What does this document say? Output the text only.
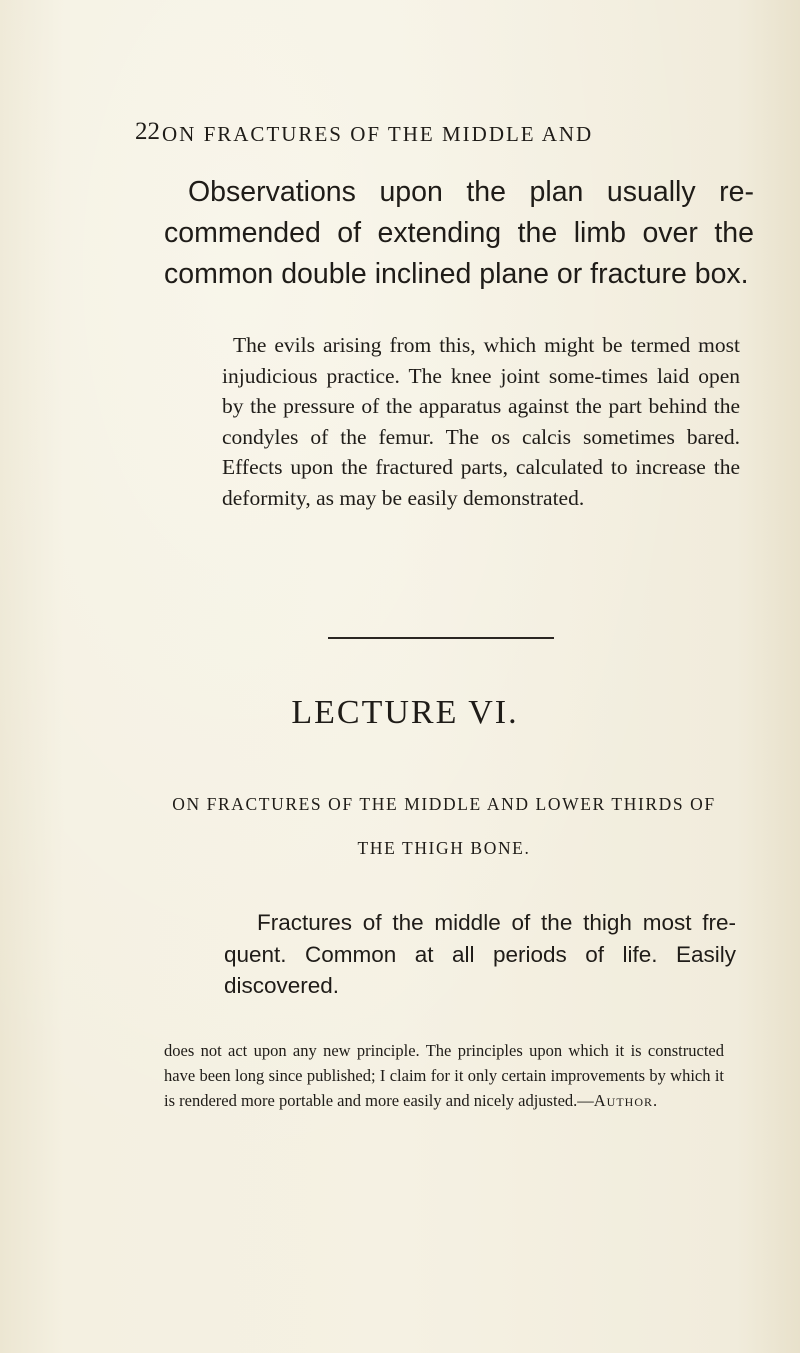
22 ON FRACTURES OF THE MIDDLE AND
Observations upon the plan usually re-commended of extending the limb over the common double inclined plane or fracture box.
The evils arising from this, which might be termed most injudicious practice. The knee joint some-times laid open by the pressure of the apparatus against the part behind the condyles of the femur. The os calcis sometimes bared. Effects upon the fractured parts, calculated to increase the deformity, as may be easily demonstrated.
LECTURE VI.
ON FRACTURES OF THE MIDDLE AND LOWER THIRDS OF THE THIGH BONE.
Fractures of the middle of the thigh most fre-quent. Common at all periods of life. Easily discovered.
does not act upon any new principle. The principles upon which it is constructed have been long since published; I claim for it only certain improvements by which it is rendered more portable and more easily and nicely adjusted.—Author.
